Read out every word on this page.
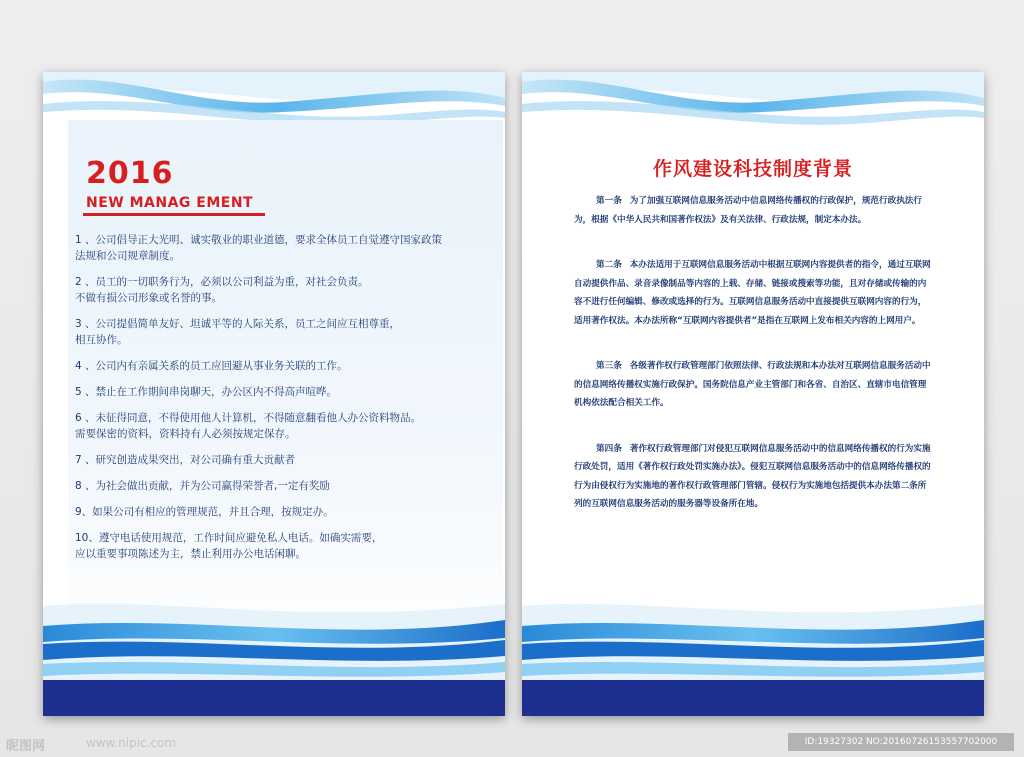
2016
NEW MANAG EMENT

1 、公司倡导正大光明、诚实敬业的职业道德，要求全体员工自觉遵守国家政策
法规和公司规章制度。

2 、员工的一切职务行为，必须以公司利益为重，对社会负责。
不做有损公司形象或名誉的事。

3 、公司提倡简单友好、坦诚平等的人际关系，员工之间应互相尊重，
相互协作。

4 、公司内有亲属关系的员工应回避从事业务关联的工作。

5 、禁止在工作期间串岗聊天，办公区内不得高声喧哗。

6 、未征得同意，不得使用他人计算机，不得随意翻看他人办公资料物品。
需要保密的资料，资料持有人必须按规定保存。

7 、研究创造成果突出，对公司确有重大贡献者

8 、为社会做出贡献，并为公司赢得荣誉者,一定有奖励

9、如果公司有相应的管理规范，并且合理，按规定办。

10、遵守电话使用规范，工作时间应避免私人电话。如确实需要，
应以重要事项陈述为主，禁止利用办公电话闲聊。

作风建设科技制度背景

第一条 为了加强互联网信息服务活动中信息网络传播权的行政保护，规范行政执法行为，根据《中华人民共和国著作权法》及有关法律、行政法规，制定本办法。

第二条 本办法适用于互联网信息服务活动中根据互联网内容提供者的指令，通过互联网自动提供作品、录音录像制品等内容的上载、存储、链接或搜索等功能，且对存储或传输的内容不进行任何编辑、修改或选择的行为。互联网信息服务活动中直接提供互联网内容的行为，适用著作权法。本办法所称“互联网内容提供者”是指在互联网上发布相关内容的上网用户。

第三条 各级著作权行政管理部门依照法律、行政法规和本办法对互联网信息服务活动中的信息网络传播权实施行政保护。国务院信息产业主管部门和各省、自治区、直辖市电信管理机构依法配合相关工作。

第四条 著作权行政管理部门对侵犯互联网信息服务活动中的信息网络传播权的行为实施行政处罚，适用《著作权行政处罚实施办法》。侵犯互联网信息服务活动中的信息网络传播权的行为由侵权行为实施地的著作权行政管理部门管辖。侵权行为实施地包括提供本办法第二条所列的互联网信息服务活动的服务器等设备所在地。

昵图网	www.nipic.com	ID:19327302 NO:20160726153557702000
